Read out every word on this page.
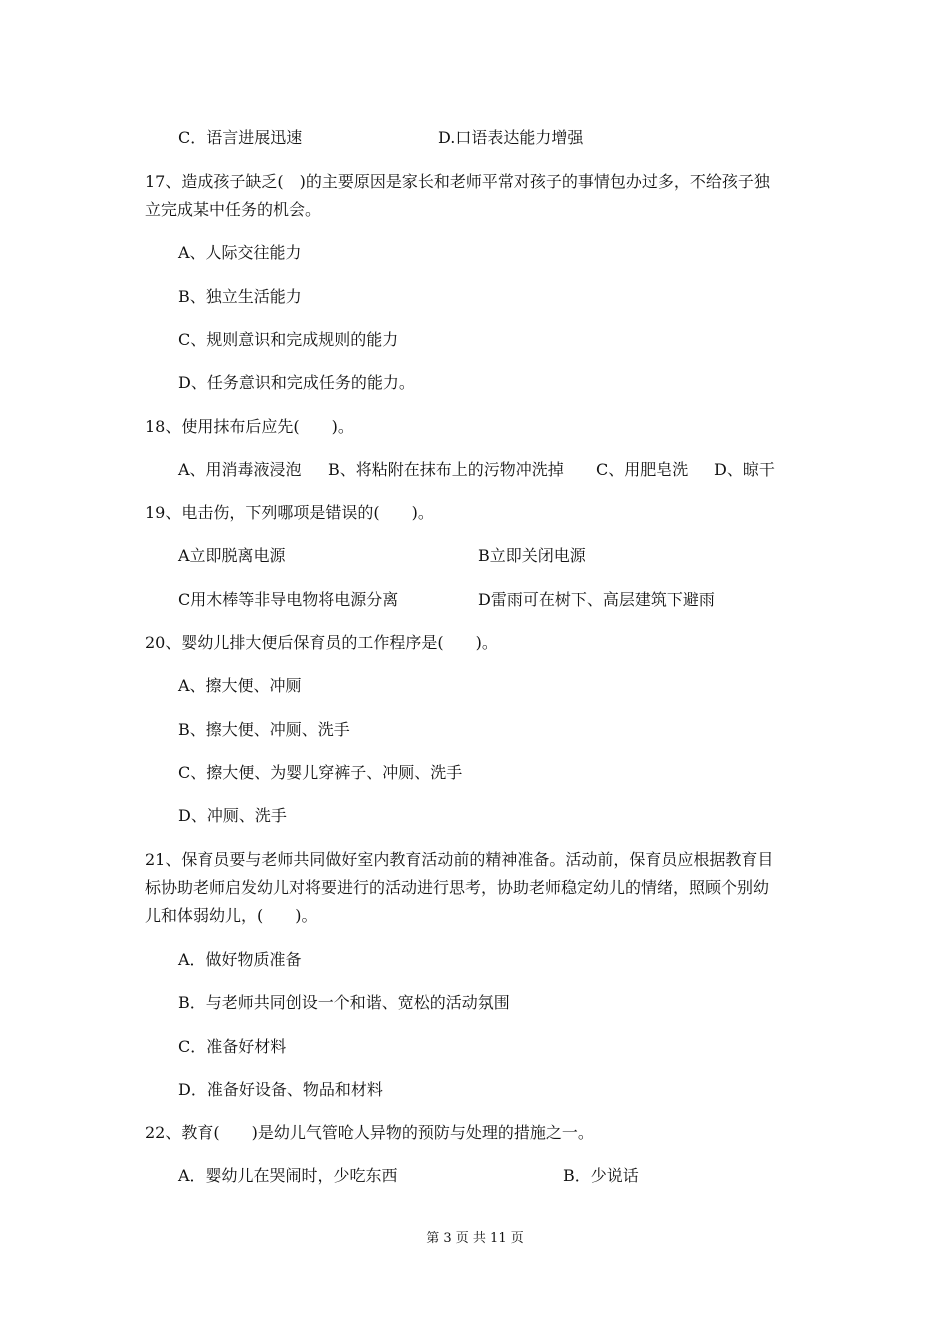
C．语言进展迅速	D.口语表达能力增强
17、造成孩子缺乏(　)的主要原因是家长和老师平常对孩子的事情包办过多，不给孩子独
立完成某中任务的机会。
A、人际交往能力
B、独立生活能力
C、规则意识和完成规则的能力
D、任务意识和完成任务的能力。
18、使用抹布后应先(　　)。
A、用消毒液浸泡 B、将粘附在抹布上的污物冲洗掉 C、用肥皂洗 D、晾干
19、电击伤，下列哪项是错误的(　　)。
A立即脱离电源	B立即关闭电源
C用木棒等非导电物将电源分离	D雷雨可在树下、高层建筑下避雨
20、婴幼儿排大便后保育员的工作程序是(　　)。
A、擦大便、冲厕
B、擦大便、冲厕、洗手
C、擦大便、为婴儿穿裤子、冲厕、洗手
D、冲厕、洗手
21、保育员要与老师共同做好室内教育活动前的精神准备。活动前，保育员应根据教育目
标协助老师启发幼儿对将要进行的活动进行思考，协助老师稳定幼儿的情绪，照顾个别幼
儿和体弱幼儿，(　　)。
A．做好物质准备
B．与老师共同创设一个和谐、宽松的活动氛围
C．准备好材料
D．准备好设备、物品和材料
22、教育(　　)是幼儿气管呛人异物的预防与处理的措施之一。
A．婴幼儿在哭闹时，少吃东西	B．少说话
第 3 页 共 11 页
